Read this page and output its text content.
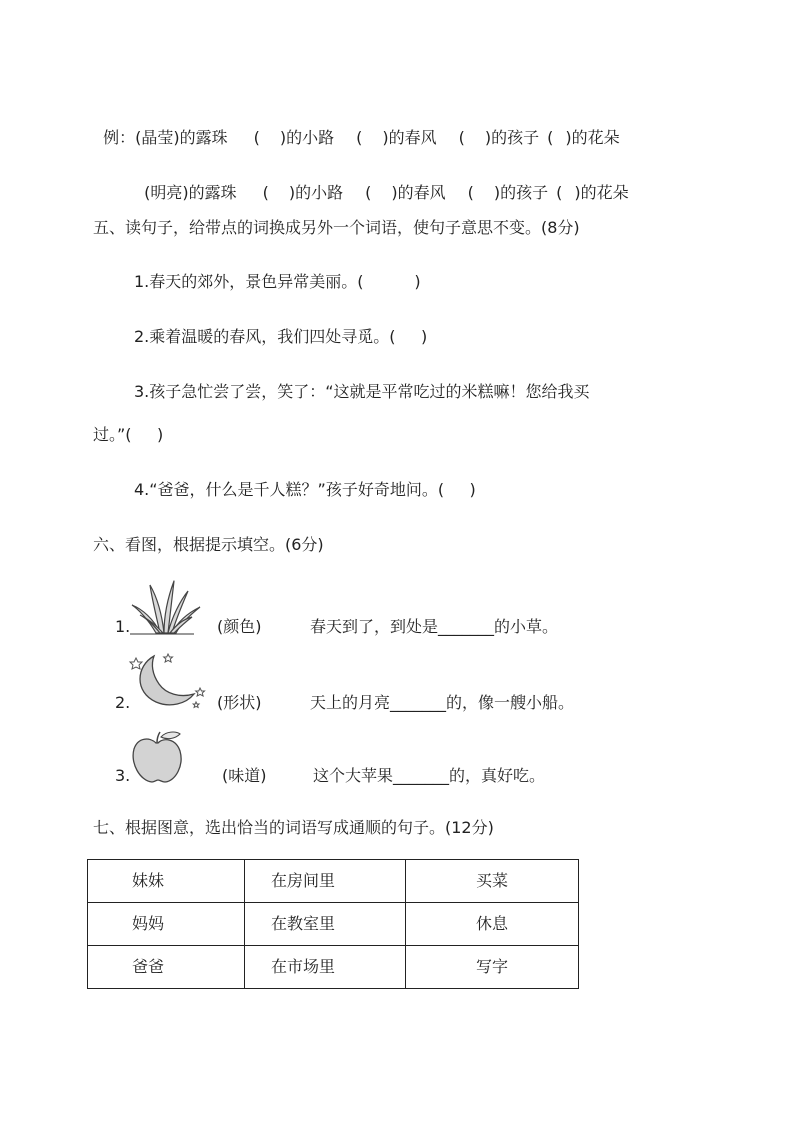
例：(晶莹)的露珠 ( )的小路 ( )的春风 ( )的孩子 ( )的花朵

(明亮)的露珠 ( )的小路 ( )的春风 ( )的孩子 ( )的花朵

五、读句子，给带点的词换成另外一个词语，使句子意思不变。(8分)
1.春天的郊外，景色异常美丽。(          )
2.乘着温暖的春风，我们四处寻觅。(     )
3.孩子急忙尝了尝，笑了：“这就是平常吃过的米糕嘛！您给我买
过。”(     )
4.“爸爸，什么是千人糕？”孩子好奇地问。(     )
六、看图，根据提示填空。(6分)
1.	(颜色)	春天到了，到处是_______的小草。
2.	(形状)	天上的月亮_______的，像一艘小船。
3.	(味道)	这个大苹果_______的，真好吃。
七、根据图意，选出恰当的词语写成通顺的句子。(12分)
妹妹	在房间里	买菜
妈妈	在教室里	休息
爸爸	在市场里	写字
